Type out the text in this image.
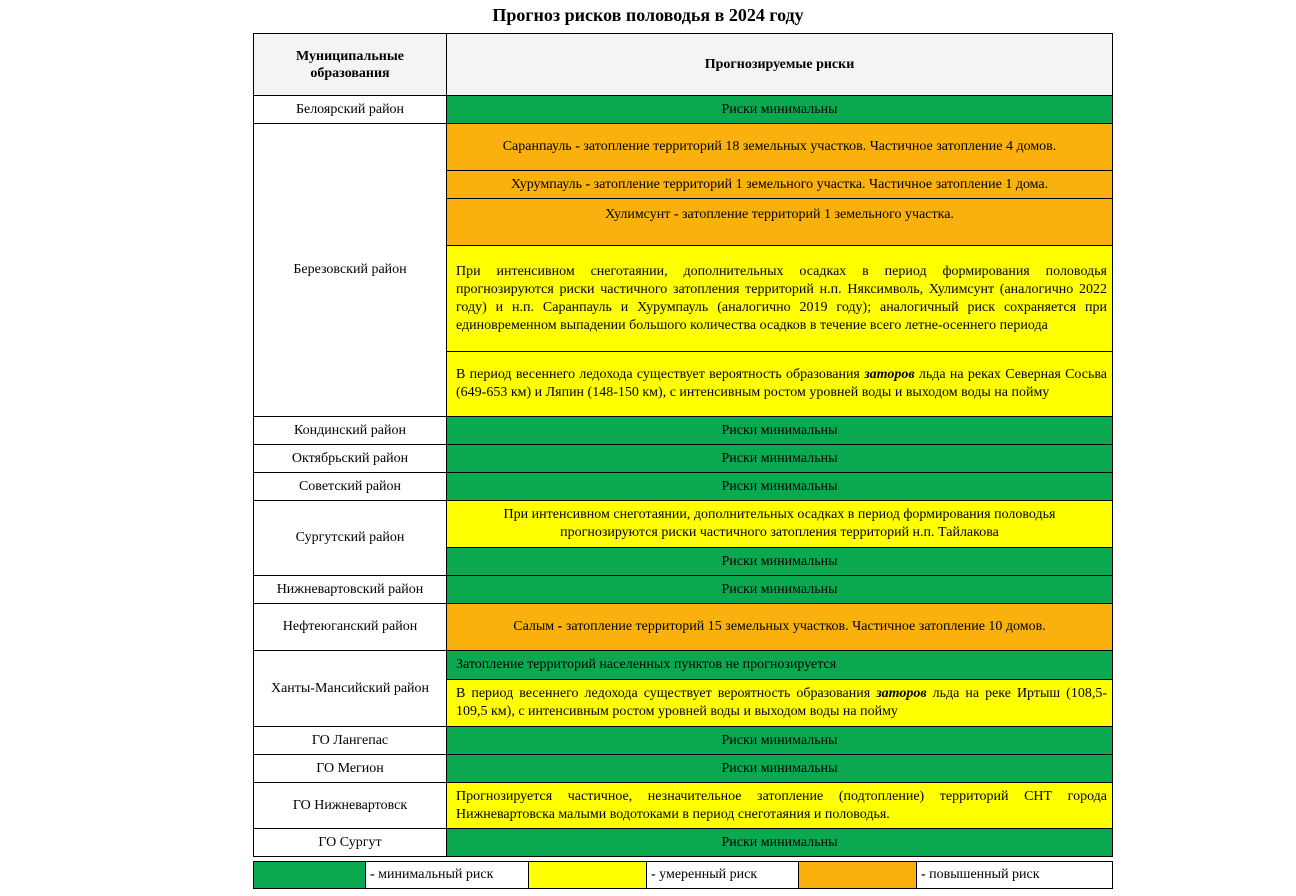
Прогноз рисков половодья в 2024 году
Муниципальные образования	Прогнозируемые риски
Белоярский район	Риски минимальны
Березовский район	Саранпауль - затопление территорий 18 земельных участков. Частичное затопление 4 домов.
	Хурумпауль - затопление территорий 1 земельного участка. Частичное затопление 1 дома.
	Хулимсунт - затопление территорий 1 земельного участка.
	При интенсивном снеготаянии, дополнительных осадках в период формирования половодья прогнозируются риски частичного затопления территорий н.п. Няксимволь, Хулимсунт (аналогично 2022 году) и н.п. Саранпауль и Хурумпауль (аналогично 2019 году); аналогичный риск сохраняется при единовременном выпадении большого количества осадков в течение всего летне-осеннего периода
	В период весеннего ледохода существует вероятность образования заторов льда на реках Северная Сосьва (649-653 км) и Ляпин (148-150 км), с интенсивным ростом уровней воды и выходом воды на пойму
Кондинский район	Риски минимальны
Октябрьский район	Риски минимальны
Советский район	Риски минимальны
Сургутский район	При интенсивном снеготаянии, дополнительных осадках в период формирования половодья прогнозируются риски частичного затопления территорий н.п. Тайлакова
	Риски минимальны
Нижневартовский район	Риски минимальны
Нефтеюганский район	Салым - затопление территорий 15 земельных участков. Частичное затопление 10 домов.
Ханты-Мансийский район	Затопление территорий населенных пунктов не прогнозируется
	В период весеннего ледохода существует вероятность образования заторов льда на реке Иртыш (108,5-109,5 км), с интенсивным ростом уровней воды и выходом воды на пойму
ГО Лангепас	Риски минимальны
ГО Мегион	Риски минимальны
ГО Нижневартовск	Прогнозируется частичное, незначительное затопление (подтопление) территорий СНТ города Нижневартовска малыми водотоками в период снеготаяния и половодья.
ГО Сургут	Риски минимальны
	- минимальный риск		- умеренный риск		- повышенный риск
